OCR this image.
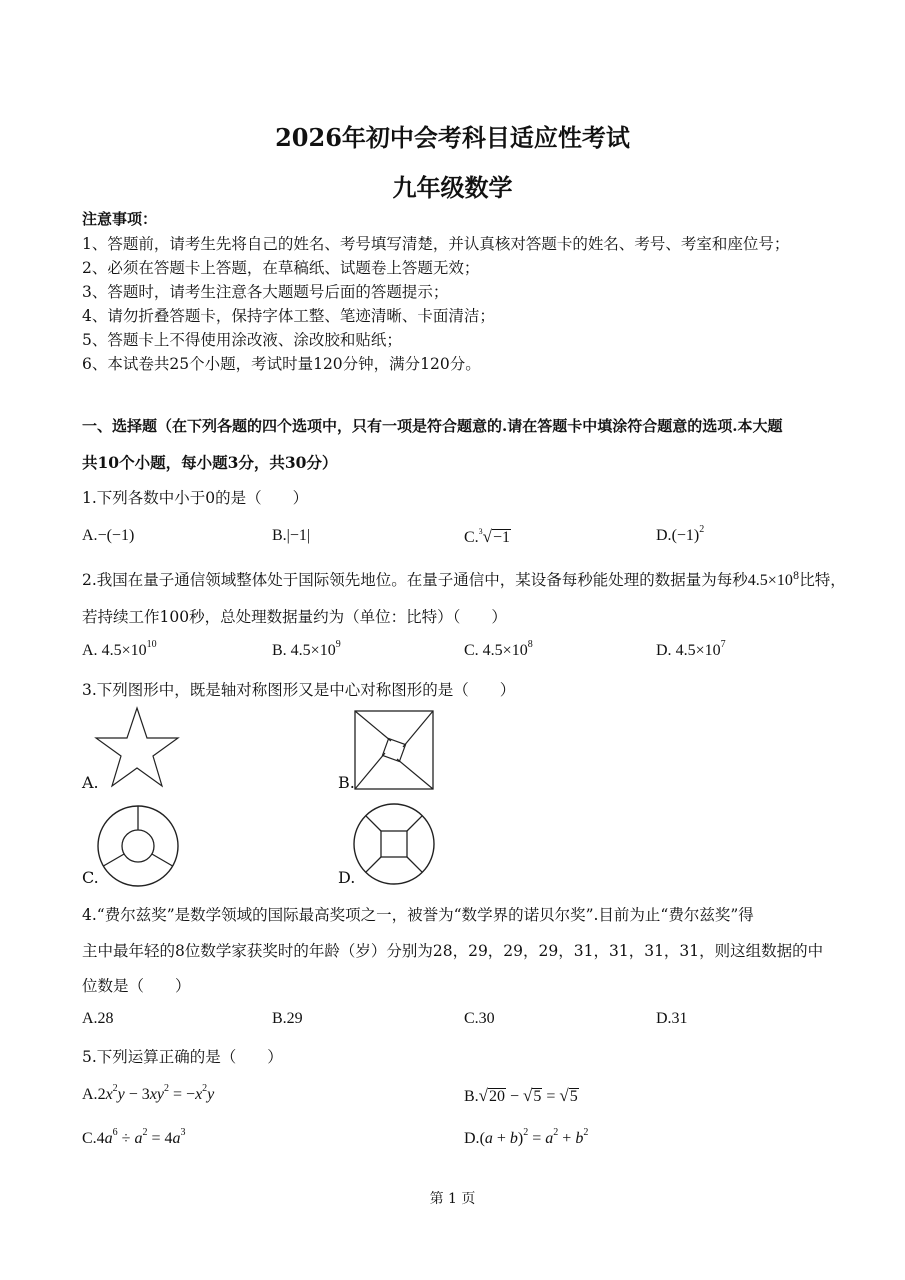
2026年初中会考科目适应性考试
九年级数学
注意事项：
1、答题前，请考生先将自己的姓名、考号填写清楚，并认真核对答题卡的姓名、考号、考室和座位号；
2、必须在答题卡上答题，在草稿纸、试题卷上答题无效；
3、答题时，请考生注意各大题题号后面的答题提示；
4、请勿折叠答题卡，保持字体工整、笔迹清晰、卡面清洁；
5、答题卡上不得使用涂改液、涂改胶和贴纸；
6、本试卷共25个小题，考试时量120分钟，满分120分。
一、选择题（在下列各题的四个选项中，只有一项是符合题意的.请在答题卡中填涂符合题意的选项.本大题
共10个小题，每小题3分，共30分）
1.下列各数中小于0的是（　　）
A.−(−1)	B.|−1|	C.$^3$√−1	$D.(-1)^2$
2.我国在量子通信领域整体处于国际领先地位。在量子通信中，某设备每秒能处理的数据量为每秒$4.5\times 10^8$比特，
若持续工作100秒，总处理数据量约为（单位：比特）（　　）
A. $4.5\times 10^{10}$	B. $4.5\times 10^9$	C. $4.5\times 10^8$	D. $4.5\times 10^7$
3.下列图形中，既是轴对称图形又是中心对称图形的是（　　）
A.	B.
C.	D.
4.“费尔兹奖”是数学领域的国际最高奖项之一，被誉为“数学界的诺贝尔奖”.目前为止“费尔兹奖”得
主中最年轻的8位数学家获奖时的年龄（岁）分别为28，29，29，29，31，31，31，31，则这组数据的中
位数是（　　）
A.28	B.29	C.30	D.31
5.下列运算正确的是（　　）
$A.2x^2y - 3xy^2 = -x^2y$	B.√20 − √5 = √5
$C.4a^6 \div a^2 = 4a^3$	$D.(a + b)^2 = a^2 + b^2$
第 1 页
